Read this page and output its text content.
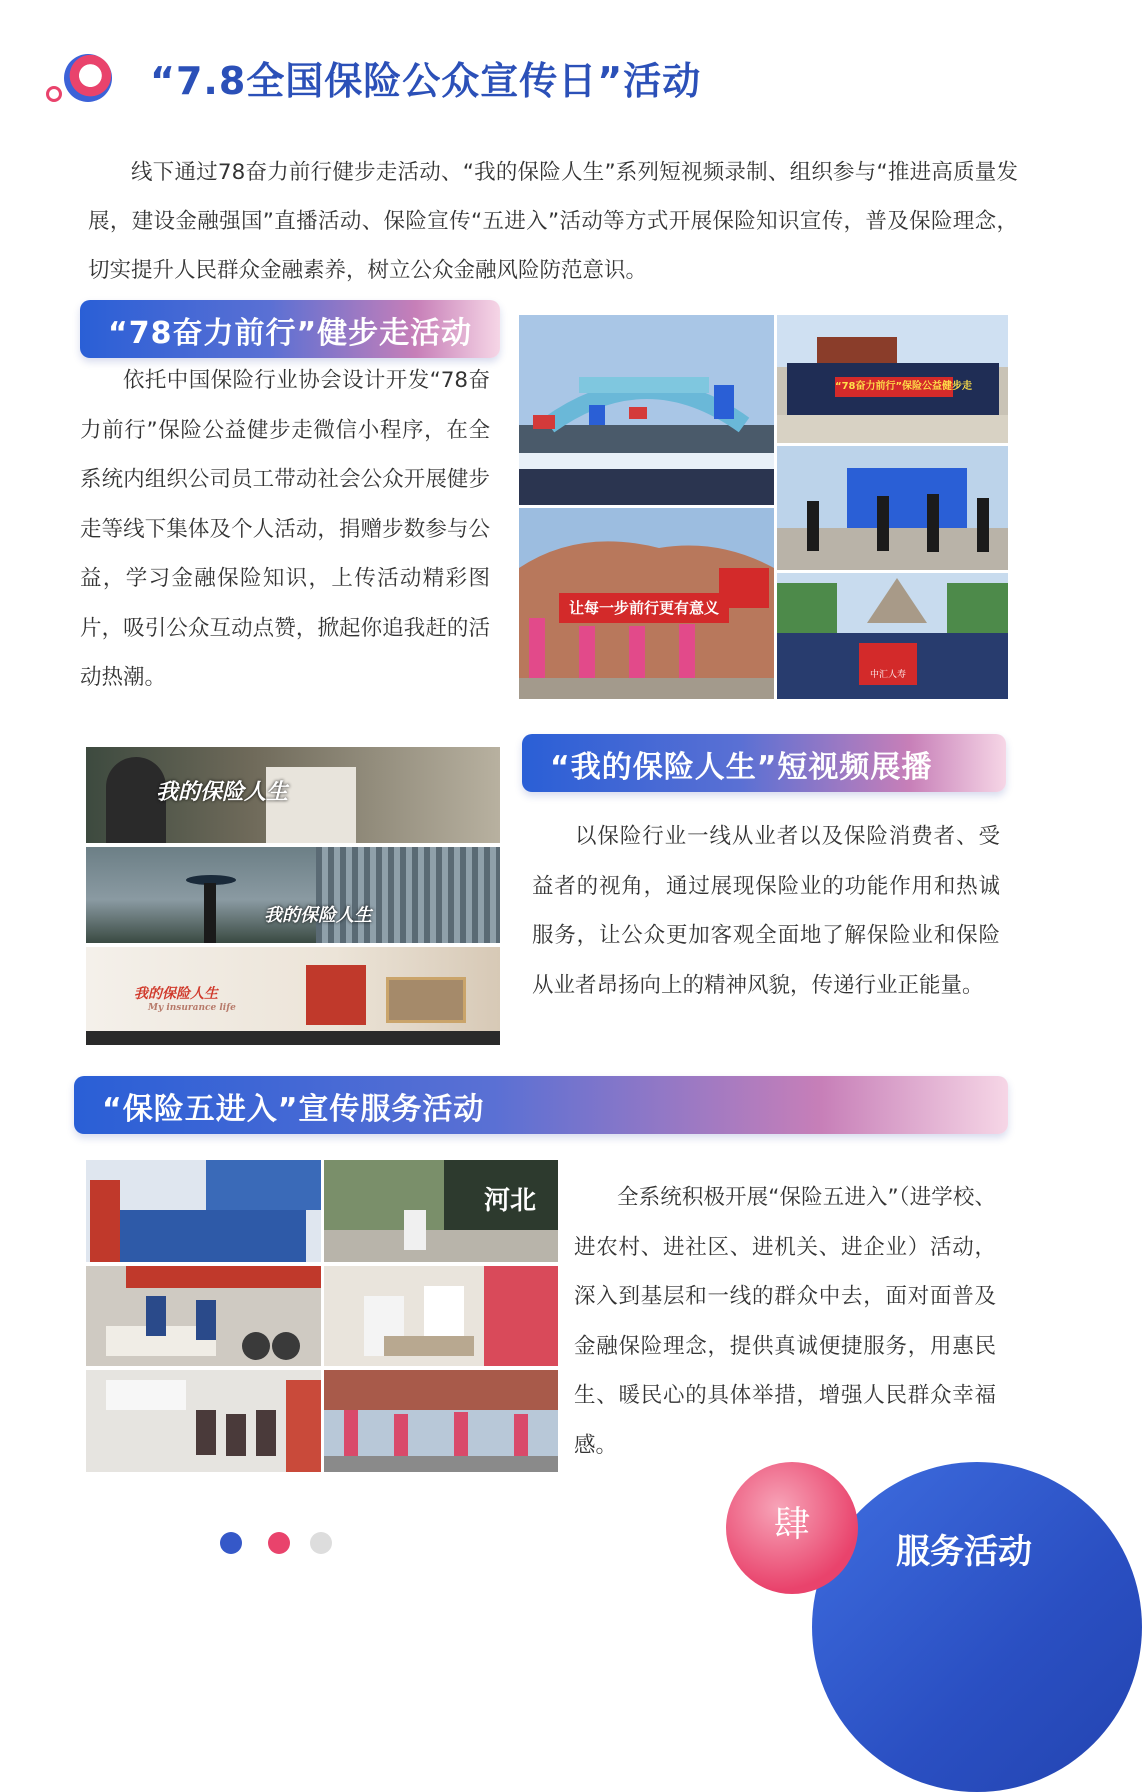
“7.8全国保险公众宣传日”活动

线下通过78奋力前行健步走活动、“我的保险人生”系列短视频录制、组织参与“推进高质量发展，建设金融强国”直播活动、保险宣传“五进入”活动等方式开展保险知识宣传，普及保险理念，切实提升人民群众金融素养，树立公众金融风险防范意识。

“78奋力前行”健步走活动

依托中国保险行业协会设计开发“78奋力前行”保险公益健步走微信小程序，在全系统内组织公司员工带动社会公众开展健步走等线下集体及个人活动，捐赠步数参与公益，学习金融保险知识，上传活动精彩图片，吸引公众互动点赞，掀起你追我赶的活动热潮。

“78奋力前行”保险公益健步走
让每一步前行更有意义
中汇人寿
我的保险人生
我的保险人生
我的保险人生
My insurance life
“我的保险人生”短视频展播

以保险行业一线从业者以及保险消费者、受益者的视角，通过展现保险业的功能作用和热诚服务，让公众更加客观全面地了解保险业和保险从业者昂扬向上的精神风貌，传递行业正能量。

“保险五进入”宣传服务活动
河北	全系统积极开展“保险五进入”（进学校、进农村、进社区、进机关、进企业）活动，深入到基层和一线的群众中去，面对面普及金融保险理念，提供真诚便捷服务，用惠民生、暖民心的具体举措，增强人民群众幸福感。

肆
服务活动
